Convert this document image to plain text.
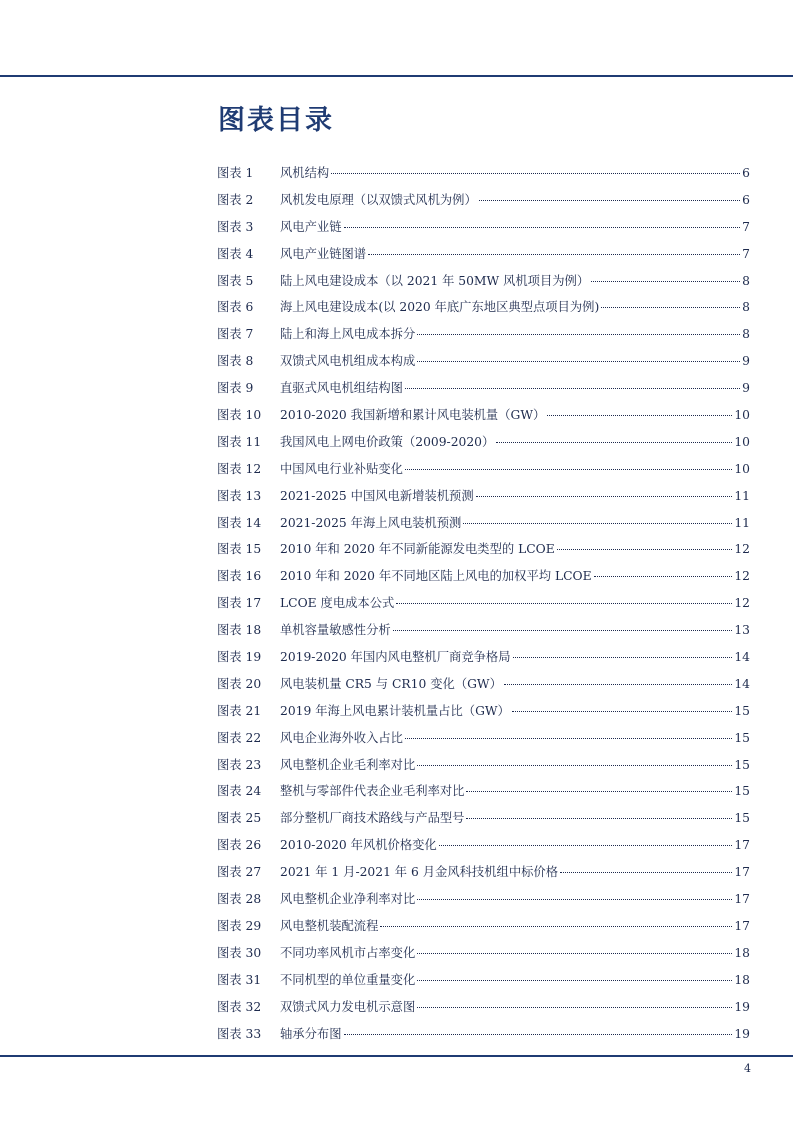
图表目录
图表 1	风机结构	6
图表 2	风机发电原理（以双馈式风机为例）	6
图表 3	风电产业链	7
图表 4	风电产业链图谱	7
图表 5	陆上风电建设成本（以 2021 年 50MW 风机项目为例）	8
图表 6	海上风电建设成本(以 2020 年底广东地区典型点项目为例)	8
图表 7	陆上和海上风电成本拆分	8
图表 8	双馈式风电机组成本构成	9
图表 9	直驱式风电机组结构图	9
图表 10	2010-2020 我国新增和累计风电装机量（GW）	10
图表 11	我国风电上网电价政策（2009-2020）	10
图表 12	中国风电行业补贴变化	10
图表 13	2021-2025 中国风电新增装机预测	11
图表 14	2021-2025 年海上风电装机预测	11
图表 15	2010 年和 2020 年不同新能源发电类型的 LCOE	12
图表 16	2010 年和 2020 年不同地区陆上风电的加权平均 LCOE	12
图表 17	LCOE 度电成本公式	12
图表 18	单机容量敏感性分析	13
图表 19	2019-2020 年国内风电整机厂商竞争格局	14
图表 20	风电装机量 CR5 与 CR10 变化（GW）	14
图表 21	2019 年海上风电累计装机量占比（GW）	15
图表 22	风电企业海外收入占比	15
图表 23	风电整机企业毛利率对比	15
图表 24	整机与零部件代表企业毛利率对比	15
图表 25	部分整机厂商技术路线与产品型号	15
图表 26	2010-2020 年风机价格变化	17
图表 27	2021 年 1 月-2021 年 6 月金风科技机组中标价格	17
图表 28	风电整机企业净利率对比	17
图表 29	风电整机装配流程	17
图表 30	不同功率风机市占率变化	18
图表 31	不同机型的单位重量变化	18
图表 32	双馈式风力发电机示意图	19
图表 33	轴承分布图	19
4
